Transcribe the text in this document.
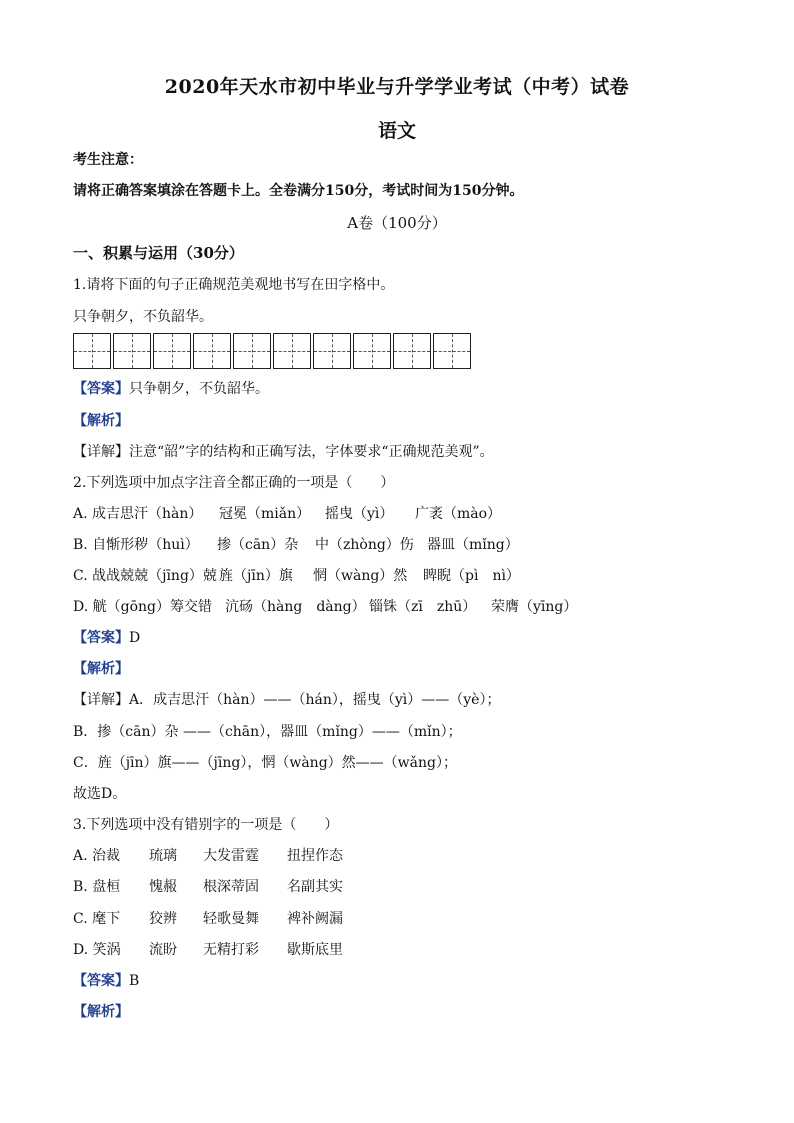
2020年天水市初中毕业与升学学业考试（中考）试卷
语文
考生注意：
请将正确答案填涂在答题卡上。全卷满分150分，考试时间为150分钟。
A卷（100分）
一、积累与运用（30分）
1.请将下面的句子正确规范美观地书写在田字格中。
只争朝夕，不负韶华。
【答案】只争朝夕，不负韶华。
【解析】
【详解】注意“韶”字的结构和正确写法，字体要求“正确规范美观”。
2.下列选项中加点字注音全都正确的一项是（　　）
A. 成吉思汗（hàn） 冠冕（miǎn） 摇曳（yì） 广袤（mào）
B. 自惭形秽（huì） 掺（cān）杂 中（zhòng）伤 器皿（mǐng）
C. 战战兢兢（jīng）兢 旌（jīn）旗 惘（wàng）然 睥睨（pì　nì）
D. 觥（gōng）筹交错 沆砀（hàng　dàng） 锱铢（zī　zhū） 荣膺（yīng）
【答案】D
【解析】
【详解】A．成吉思汗（hàn）——（hán），摇曳（yì）——（yè）；
B．掺（cān）杂 ——（chān），器皿（mǐng）——（mǐn）；
C．旌（jīn）旗——（jīng），惘（wàng）然——（wǎng）；
故选D。
3.下列选项中没有错别字的一项是（　　）
A. 治裁 琉璃 大发雷霆 扭捏作态
B. 盘桓 愧赧 根深蒂固 名副其实
C. 麾下 狡辨 轻歌曼舞 裨补阙漏
D. 笑涡 流盼 无精打彩 歇斯底里
【答案】B
【解析】
